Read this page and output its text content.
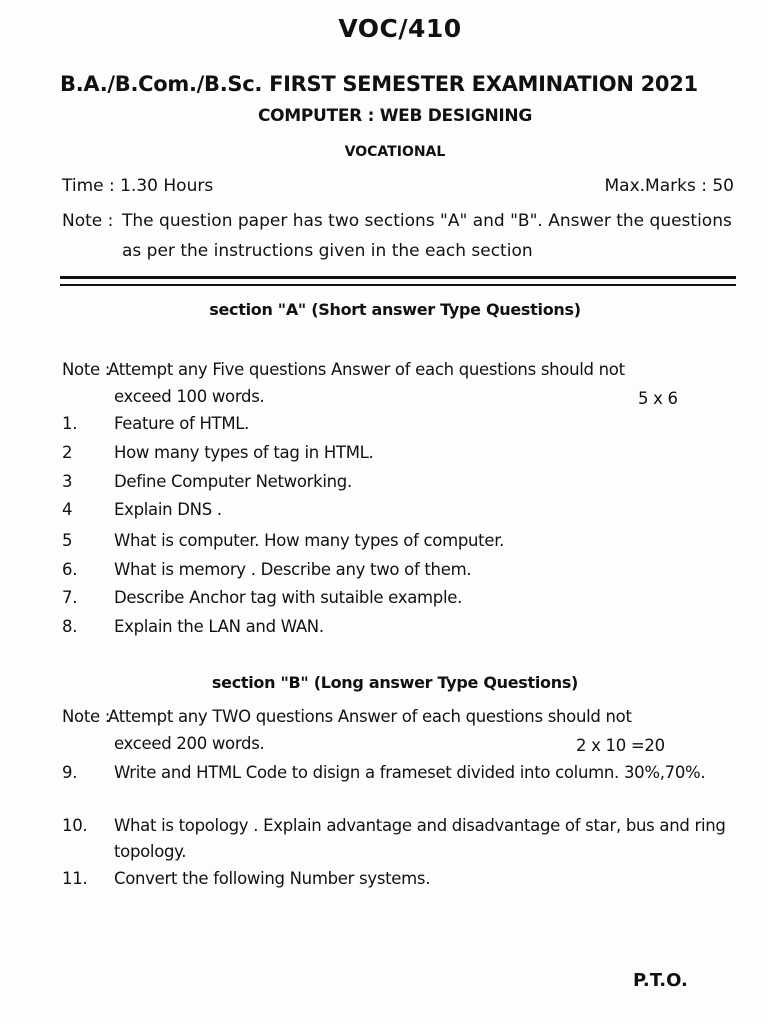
VOC/410
B.A./B.Com./B.Sc. FIRST SEMESTER EXAMINATION 2021
COMPUTER : WEB DESIGNING
VOCATIONAL
Time : 1.30 Hours	Max.Marks : 50
Note : The question paper has two sections "A" and "B". Answer the questions as per the instructions given in the each section
section "A" (Short answer Type Questions)
Note :
Attempt any Five questions Answer of each questions should not
exceed 100 words.	5 x 6
1. Feature of HTML.
2	How many types of tag in HTML.
3	Define Computer Networking.
4	Explain DNS .
5	What is computer. How many types of computer.
6. What is memory . Describe any two of them.
7. Describe Anchor tag with sutaible example.
8. Explain the LAN and WAN.
section "B" (Long answer Type Questions)
Note :
Attempt any TWO questions Answer of each questions should not
exceed 200 words.	2 x 10 =20
9. Write and HTML Code to disign a frameset divided into column. 30%,70%.
10. What is topology . Explain advantage and disadvantage of star, bus and ring topology.
11. Convert the following Number systems.
P.T.O.
